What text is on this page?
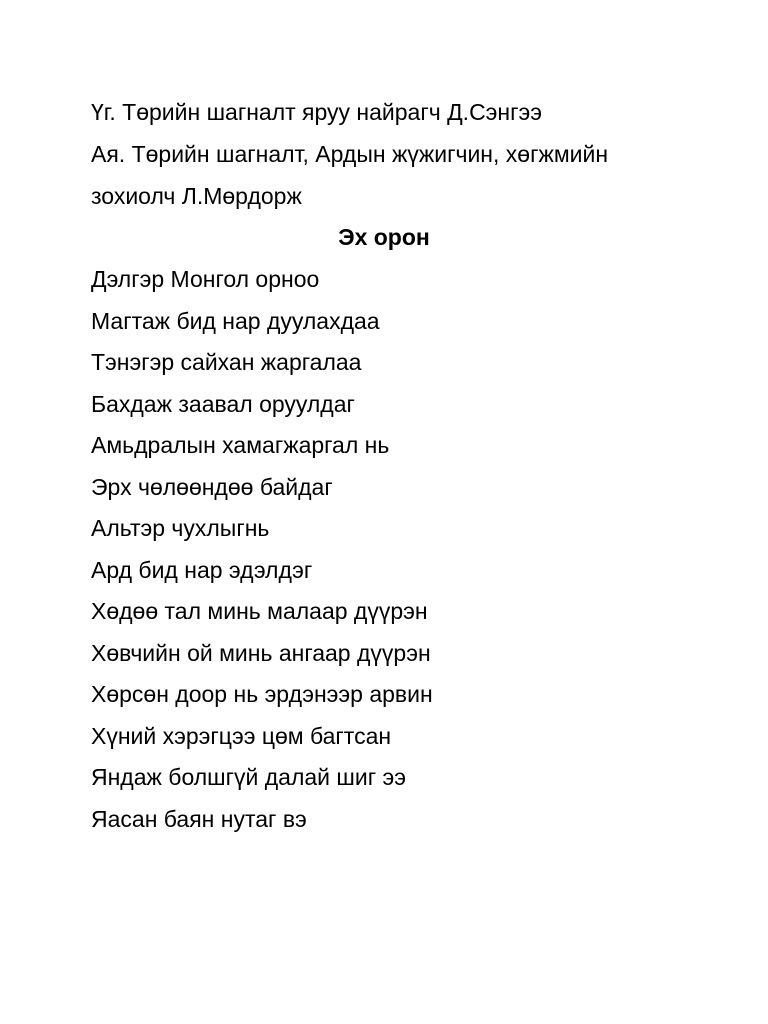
Үг. Төрийн шагналт яруу найрагч Д.Сэнгээ
Ая. Төрийн шагналт, Ардын жүжигчин, хөгжмийн
зохиолч Л.Мөрдорж
Эх орон
Дэлгэр Монгол орноо
Магтаж бид нар дуулахдаа
Тэнэгэр сайхан жаргалаа
Бахдаж заавал оруулдаг
Амьдралын хамагжаргал нь
Эрх чөлөөндөө байдаг
Альтэр чухлыгнь
Ард бид нар эдэлдэг
Хөдөө тал минь малаар дүүрэн
Хөвчийн ой минь ангаар дүүрэн
Хөрсөн доор нь эрдэнээр арвин
Хүний хэрэгцээ цөм багтсан
Яндаж болшгүй далай шиг ээ
Яасан баян нутаг вэ
